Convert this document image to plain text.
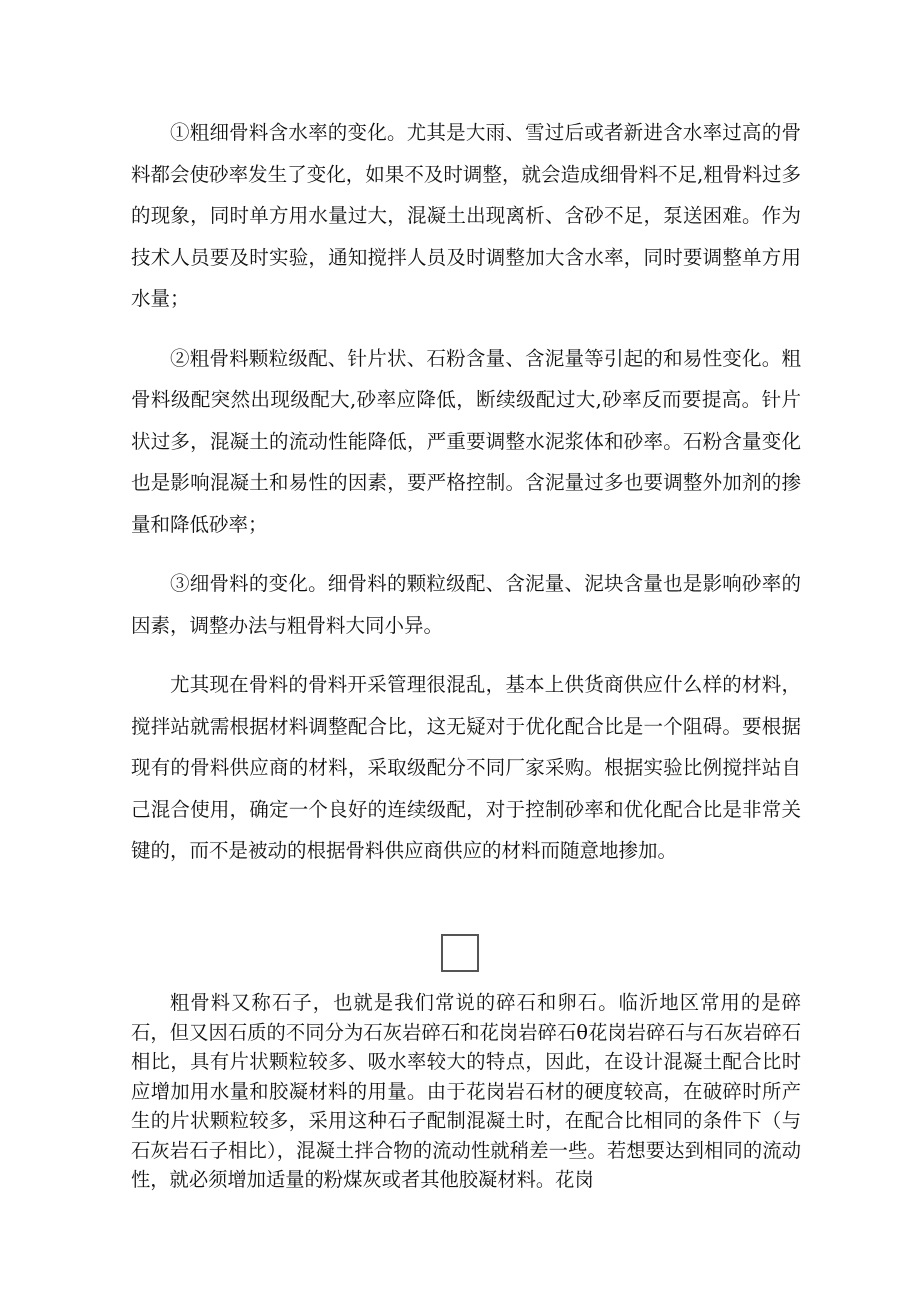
①粗细骨料含水率的变化。尤其是大雨、雪过后或者新进含水率过高的骨料都会使砂率发生了变化，如果不及时调整，就会造成细骨料不足,粗骨料过多的现象，同时单方用水量过大，混凝土出现离析、含砂不足，泵送困难。作为技术人员要及时实验，通知搅拌人员及时调整加大含水率，同时要调整单方用水量；

②粗骨料颗粒级配、针片状、石粉含量、含泥量等引起的和易性变化。粗骨料级配突然出现级配大,砂率应降低，断续级配过大,砂率反而要提高。针片状过多，混凝土的流动性能降低，严重要调整水泥浆体和砂率。石粉含量变化也是影响混凝土和易性的因素，要严格控制。含泥量过多也要调整外加剂的掺量和降低砂率；

③细骨料的变化。细骨料的颗粒级配、含泥量、泥块含量也是影响砂率的因素，调整办法与粗骨料大同小异。

尤其现在骨料的骨料开采管理很混乱，基本上供货商供应什么样的材料，搅拌站就需根据材料调整配合比，这无疑对于优化配合比是一个阻碍。要根据现有的骨料供应商的材料，采取级配分不同厂家采购。根据实验比例搅拌站自己混合使用，确定一个良好的连续级配，对于控制砂率和优化配合比是非常关键的，而不是被动的根据骨料供应商供应的材料而随意地掺加。

粗骨料又称石子，也就是我们常说的碎石和卵石。临沂地区常用的是碎石，但又因石质的不同分为石灰岩碎石和花岗岩碎石θ花岗岩碎石与石灰岩碎石相比，具有片状颗粒较多、吸水率较大的特点，因此，在设计混凝土配合比时应增加用水量和胶凝材料的用量。由于花岗岩石材的硬度较高，在破碎时所产生的片状颗粒较多，采用这种石子配制混凝土时，在配合比相同的条件下（与石灰岩石子相比），混凝土拌合物的流动性就稍差一些。若想要达到相同的流动性，就必须增加适量的粉煤灰或者其他胶凝材料。花岗
